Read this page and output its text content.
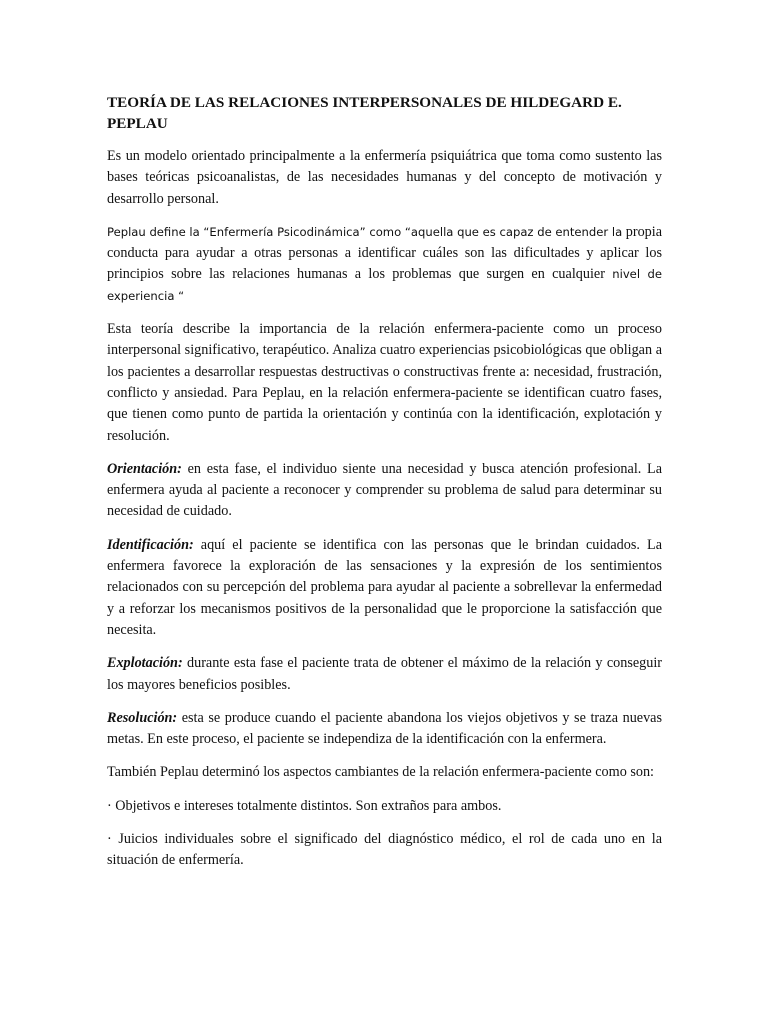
TEORÍA DE LAS RELACIONES INTERPERSONALES DE HILDEGARD E. PEPLAU

Es un modelo orientado principalmente a la enfermería psiquiátrica que toma como sustento las bases teóricas psicoanalistas, de las necesidades humanas y del concepto de motivación y desarrollo personal.

Peplau define la “Enfermería Psicodinámica” como “aquella que es capaz de entender la propia conducta para ayudar a otras personas a identificar cuáles son las dificultades y aplicar los principios sobre las relaciones humanas a los problemas que surgen en cualquier nivel de experiencia “

Esta teoría describe la importancia de la relación enfermera-paciente como un proceso interpersonal significativo, terapéutico. Analiza cuatro experiencias psicobiológicas que obligan a los pacientes a desarrollar respuestas destructivas o constructivas frente a: necesidad, frustración, conflicto y ansiedad. Para Peplau, en la relación enfermera-paciente se identifican cuatro fases, que tienen como punto de partida la orientación y continúa con la identificación, explotación y resolución.

Orientación: en esta fase, el individuo siente una necesidad y busca atención profesional. La enfermera ayuda al paciente a reconocer y comprender su problema de salud para determinar su necesidad de cuidado.

Identificación: aquí el paciente se identifica con las personas que le brindan cuidados. La enfermera favorece la exploración de las sensaciones y la expresión de los sentimientos relacionados con su percepción del problema para ayudar al paciente a sobrellevar la enfermedad y a reforzar los mecanismos positivos de la personalidad que le proporcione la satisfacción que necesita.

Explotación: durante esta fase el paciente trata de obtener el máximo de la relación y conseguir los mayores beneficios posibles.

Resolución: esta se produce cuando el paciente abandona los viejos objetivos y se traza nuevas metas. En este proceso, el paciente se independiza de la identificación con la enfermera.

También Peplau determinó los aspectos cambiantes de la relación enfermera-paciente como son:

· Objetivos e intereses totalmente distintos. Son extraños para ambos.

· Juicios individuales sobre el significado del diagnóstico médico, el rol de cada uno en la situación de enfermería.
